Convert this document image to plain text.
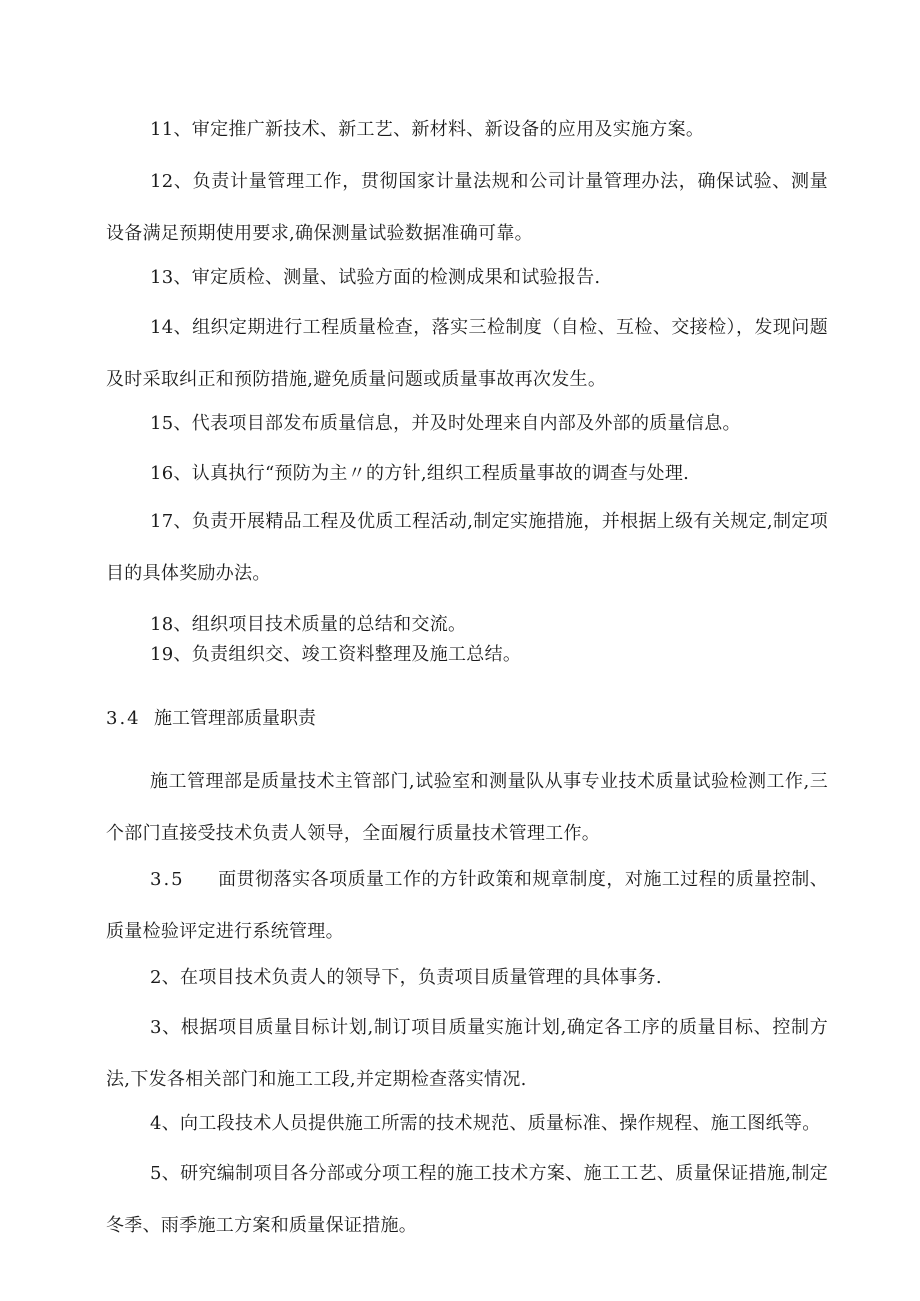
11、审定推广新技术、新工艺、新材料、新设备的应用及实施方案。

12、负责计量管理工作，贯彻国家计量法规和公司计量管理办法，确保试验、测量设备满足预期使用要求,确保测量试验数据准确可靠。

13、审定质检、测量、试验方面的检测成果和试验报告.

14、组织定期进行工程质量检查，落实三检制度（自检、互检、交接检），发现问题及时采取纠正和预防措施,避免质量问题或质量事故再次发生。

15、代表项目部发布质量信息，并及时处理来自内部及外部的质量信息。

16、认真执行“预防为主〃的方针,组织工程质量事故的调查与处理.

17、负责开展精品工程及优质工程活动,制定实施措施，并根据上级有关规定,制定项目的具体奖励办法。

18、组织项目技术质量的总结和交流。

19、负责组织交、竣工资料整理及施工总结。

3.4 施工管理部质量职责

施工管理部是质量技术主管部门,试验室和测量队从事专业技术质量试验检测工作,三个部门直接受技术负责人领导，全面履行质量技术管理工作。

3.5 面贯彻落实各项质量工作的方针政策和规章制度，对施工过程的质量控制、质量检验评定进行系统管理。

2、在项目技术负责人的领导下，负责项目质量管理的具体事务.

3、根据项目质量目标计划,制订项目质量实施计划,确定各工序的质量目标、控制方法,下发各相关部门和施工工段,并定期检查落实情况.

4、向工段技术人员提供施工所需的技术规范、质量标准、操作规程、施工图纸等。

5、研究编制项目各分部或分项工程的施工技术方案、施工工艺、质量保证措施,制定冬季、雨季施工方案和质量保证措施。
